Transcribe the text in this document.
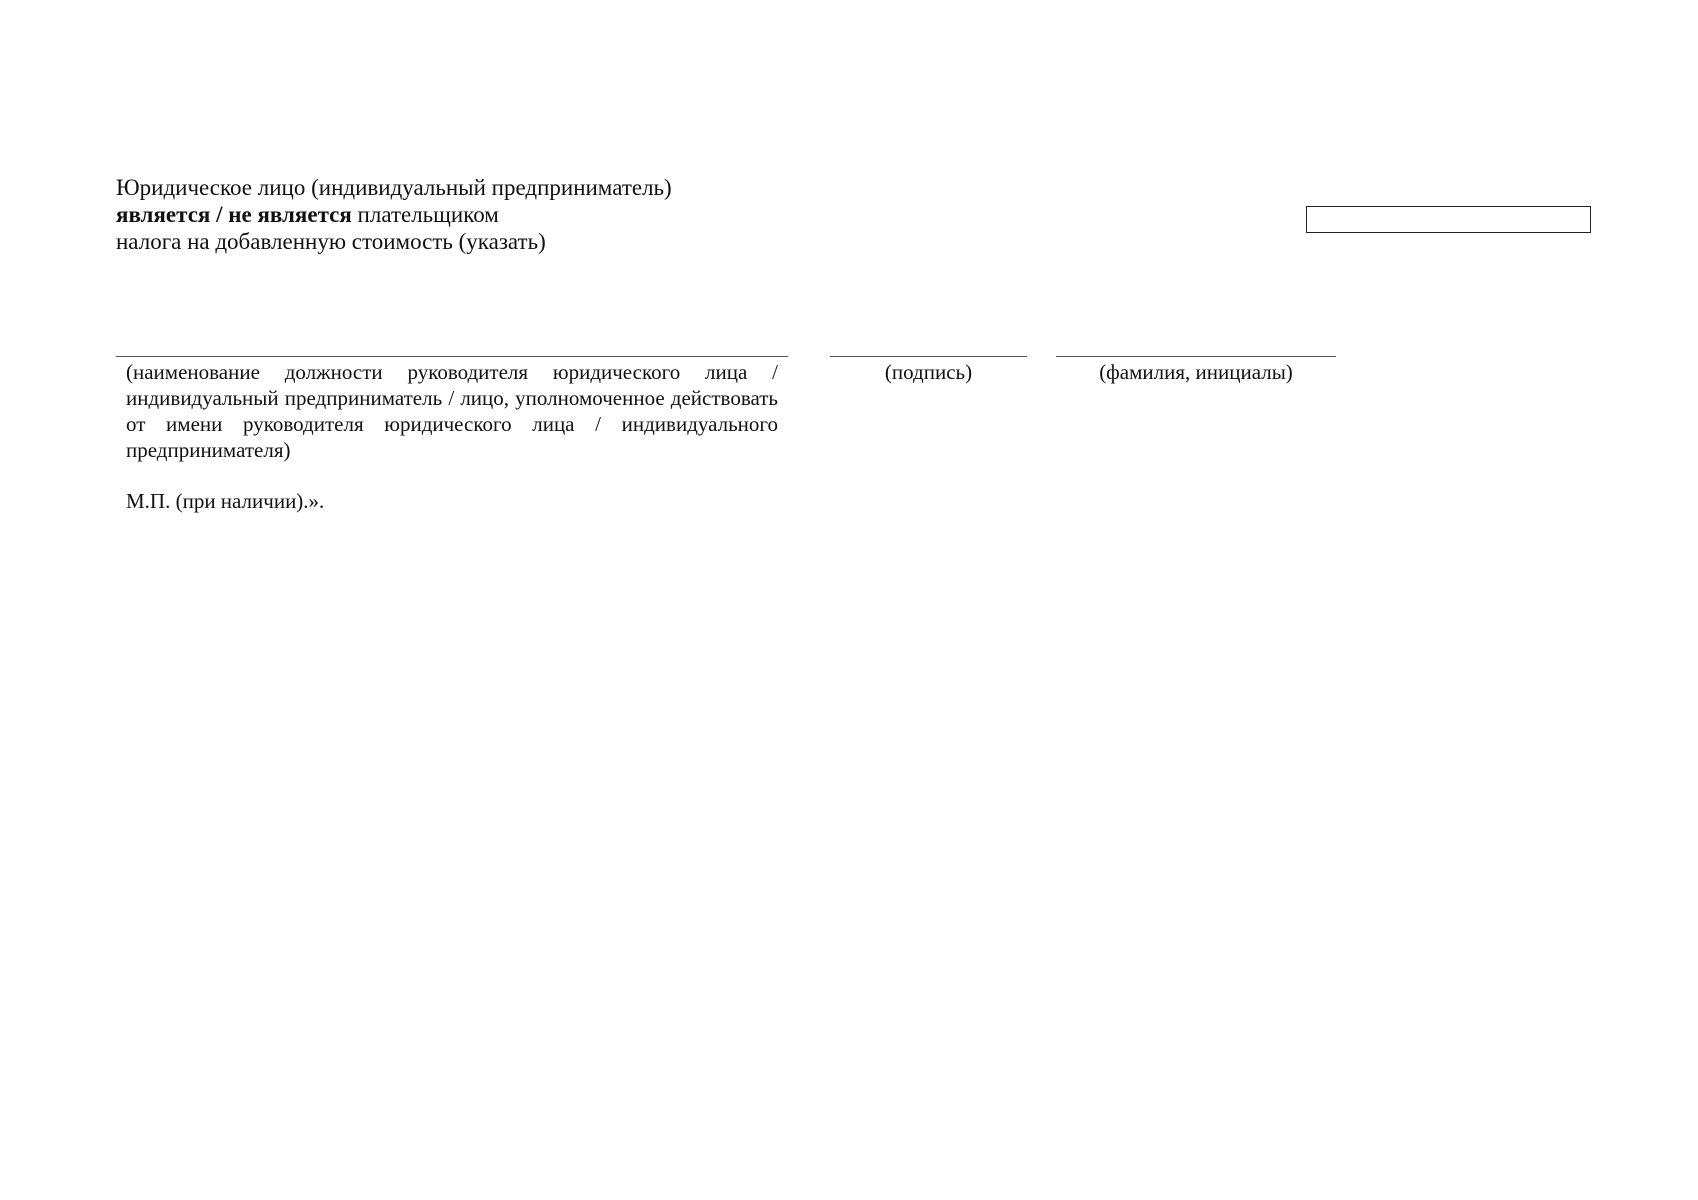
Юридическое лицо (индивидуальный предприниматель)
является / не является плательщиком
налога на добавленную стоимость (указать)
(наименование должности руководителя юридического лица / индивидуальный предприниматель / лицо, уполномоченное действовать от имени руководителя юридического лица / индивидуального предпринимателя)
(подпись)	(фамилия, инициалы)
М.П. (при наличии).».
